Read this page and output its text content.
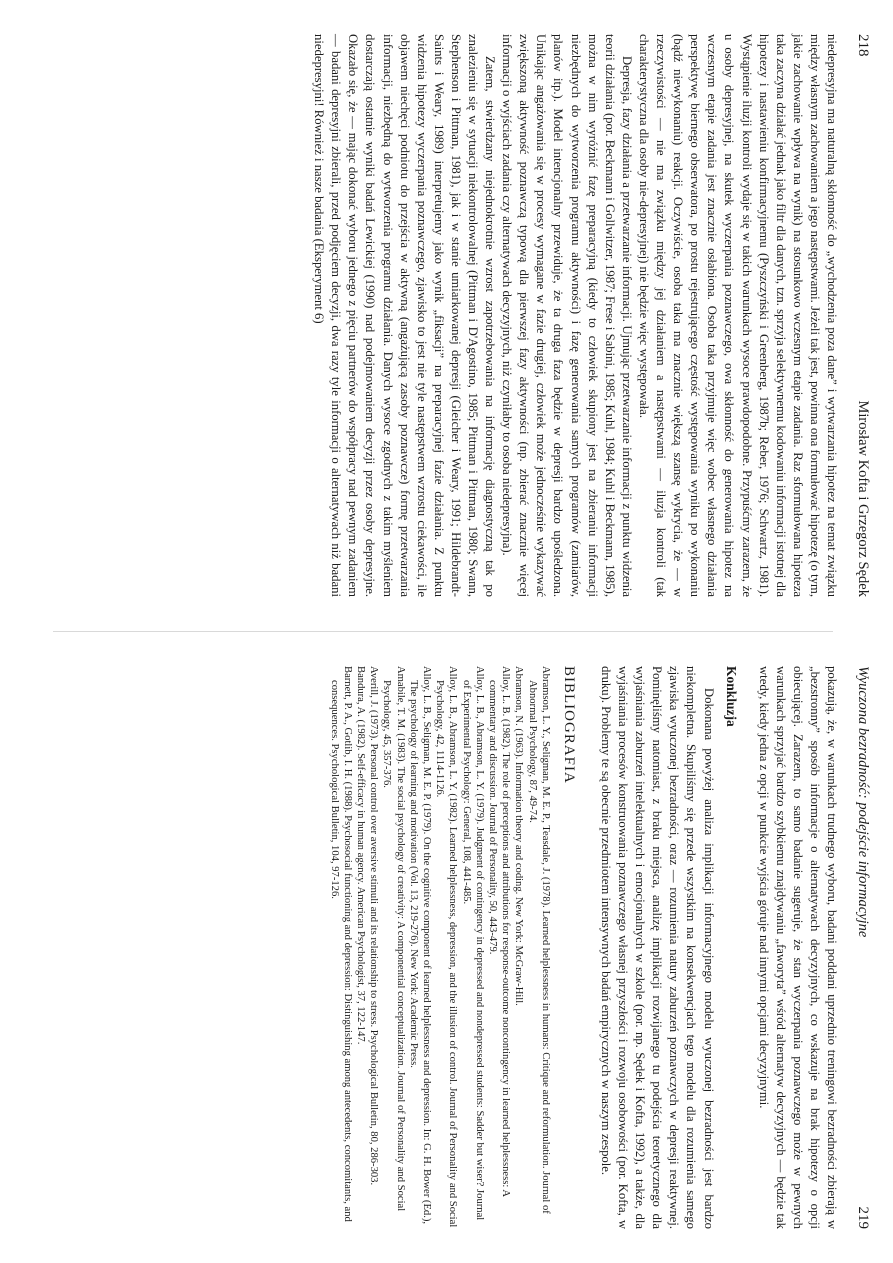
218
Mirosław Kofta i Grzegorz Sędek

niedepresyjna ma naturalną skłonność do „wychodzenia poza dane” i wytwarzania hipotez na temat związku między własnym zachowaniem a jego następstwami. Jeżeli tak jest, powinna ona formułować hipotezę (o tym, jakie zachowanie wpływa na wynik) na stosunkowo wczesnym etapie zadania. Raz sformułowana hipoteza taka zaczyna działać jednak jako filtr dla danych, tzn. sprzyja selektywnemu kodowaniu informacji istotnej dla hipotezy i nastawieniu konfirmacyjnemu (Pyszczyński i Greenberg, 1987b; Reber, 1976; Schwartz, 1981). Wystąpienie iluzji kontroli wydaje się w takich warunkach wysoce prawdopodobne. Przypuśćmy zarazem, że u osoby depresyjnej, na skutek wyczerpania poznawczego, owa skłonność do generowania hipotez na wczesnym etapie zadania jest znacznie osłabiona. Osoba taka przyjmuje więc wobec własnego działania perspektywę biernego obserwatora, po prostu rejestrującego częstość występowania wyniku po wykonaniu (bądź niewykonaniu) reakcji. Oczywiście, osoba taka ma znacznie większą szansę wykrycia, że — w rzeczywistości — nie ma związku między jej działaniem a następstwami — iluzja kontroli (tak charakterystyczna dla osoby nie-depresyjnej) nie będzie więc występowała.

Depresja, fazy działania a przetwarzanie informacji. Ujmując przetwarzanie informacji z punktu widzenia teorii działania (por. Beckmann i Gollwitzer, 1987; Frese i Sabini, 1985; Kuhl, 1984; Kuhl i Beckmann, 1985), można w nim wyróżnić fazę preparacyjną (kiedy to człowiek skupiony jest na zbieraniu informacji niezbędnych do wytworzenia programu aktywności) i fazę generowania samych programów (zamiarów, planów itp.). Model intencjonalny przewiduje, że ta druga faza będzie w depresji bardzo upośledzona. Unikając angażowania się w procesy wymagane w fazie drugiej, człowiek może jednocześnie wykazywać zwiększoną aktywność poznawczą typową dla pierwszej fazy aktywności (np. zbierać znacznie więcej informacji o wyjściach zadania czy alternatywach decyzyjnych, niż czyniłaby to osoba niedepresyjna).

Zatem, stwierdzany niejednokrotnie wzrost zapotrzebowania na informację diagnostyczną tak po znalezieniu się w sytuacji niekontrolowalnej (Pittman i D'Agostino, 1985; Pittman i Pittman, 1980; Swann, Stephenson i Pittman, 1981), jak i w stanie umiarkowanej depresji (Gleicher i Weary, 1991; Hildebrandt-Saints i Weary, 1989) interpretujemy jako wynik „fiksacji” na preparacyjnej fazie działania. Z punktu widzenia hipotezy wyczerpania poznawczego, zjawisko to jest nie tyle następstwem wzrostu ciekawości, ile objawem niechęci podniotu do przejścia w aktywną (angażującą zasoby poznawcze) formę przetwarzania informacji, niezbędną do wytworzenia programu działania. Danych wysoce zgodnych z takim myśleniem dostarczają ostatnie wyniki badań Lewickiej (1990) nad podejmowaniem decyzji przez osoby depresyjne. Okazało się, że — mając dokonać wyboru jednego z pięciu partnerów do współpracy nad pewnym zadaniem — badani depresyjni zbierali, przed podjęciem decyzji, dwa razy tyle informacji o alternatywach niż badani niedepresyjni! Również i nasze badania (Eksperyment 6)

Wyuczona bezradność: podejście informacyjne
219

pokazują, że, w warunkach trudnego wyboru, badani poddani uprzednio treningowi bezradności zbierają w „bezstronny” sposób informacje o alternatywach decyzyjnych, co wskazuje na brak hipotezy o opcji obiecującej. Zarazem, to samo badanie sugeruje, że stan wyczerpania poznawczego może w pewnych warunkach sprzyjać bardzo szybkiemu znajdywaniu „faworyta” wśród alternatyw decyzyjnych — będzie tak wtedy, kiedy jedna z opcji w punkcie wyjścia góruje nad innymi opcjami decyzyjnymi.

Konkluzja

Dokonana powyżej analiza implikacji informacyjnego modelu wyuczonej bezradności jest bardzo niekompletna. Skupiliśmy się przede wszystkim na konsekwencjach tego modelu dla rozumienia samego zjawiska wyuczonej bezradności, oraz — rozumienia natury zaburzeń poznawczych w depresji reaktywnej. Pominęliśmy natomiast, z braku miejsca, analizę implikacji rozwijanego tu podejścia teoretycznego dla wyjaśniania zaburzeń intelektualnych i emocjonalnych w szkole (por. np. Sędek i Kofta, 1992), a także, dla wyjaśniania procesów konstruowania poznawczego własnej przyszłości i rozwoju osobowości (por. Kofta, w druku). Problemy te są obecnie przedmiotem intensywnych badań empirycznych w naszym zespole.

BIBLIOGRAFIA

Abramson, L. Y., Seligman, M. E. P., Teasdale, J. (1978). Learned helplessness in humans: Critique and reformulation. Journal of Abnormal Psychology, 87, 49-74.

Abramson, N. (1963). Information theory and coding. New York: McGraw-Hill.

Alloy, L. B. (1982). The role of perceptions and attributions for response-outcome noncontingency in learned helplessness: A commentary and discussion. Journal of Personality, 50, 443-479.

Alloy, L. B., Abramson, L. Y. (1979). Judgment of contingency in depressed and nondepressed students: Sadder but wiser? Journal of Experimental Psychology: General, 108, 441-485.

Alloy, L. B., Abramson, L. Y. (1982). Learned helplessness, depression, and the illusion of control. Journal of Personality and Social Psychology, 42, 1114-1126.

Alloy, L. B., Seligman, M. E. P. (1979). On the cognitive component of learned helplessness and depression. In: G. H. Bower (Ed.), The psychology of learning and motivation (Vol. 13, 219-276). New York: Academic Press.

Amabile, T. M. (1983). The social psychology of creativity: A componential conceptualization. Journal of Personality and Social Psychology, 45, 357-376.

Averill, J. (1973). Personal control over aversive stimuli and its relationship to stress. Psychological Bulletin, 80, 286-303.

Bandura, A. (1982). Self-efficacy in human agency. American Psychologist, 37, 122-147.

Barnett, P. A., Gotlib, I. H. (1988). Psychosocial functioning and depression: Distinguishing among antecedents, concomitants, and consequences. Psychological Bulletin, 104, 97-126.
